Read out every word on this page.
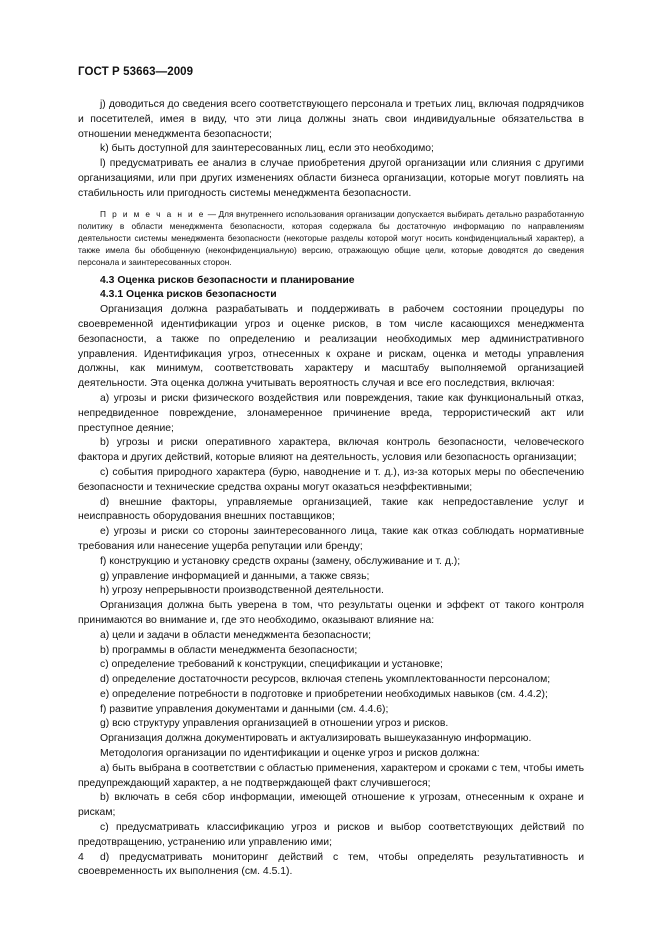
ГОСТ Р 53663—2009

j) доводиться до сведения всего соответствующего персонала и третьих лиц, включая подрядчиков и посетителей, имея в виду, что эти лица должны знать свои индивидуальные обязательства в отношении менеджмента безопасности;

k) быть доступной для заинтересованных лиц, если это необходимо;

l) предусматривать ее анализ в случае приобретения другой организации или слияния с другими организациями, или при других изменениях области бизнеса организации, которые могут повлиять на стабильность или пригодность системы менеджмента безопасности.

П р и м е ч а н и е — Для внутреннего использования организации допускается выбирать детально разработанную политику в области менеджмента безопасности, которая содержала бы достаточную информацию по направлениям деятельности системы менеджмента безопасности (некоторые разделы которой могут носить конфиденциальный характер), а также имела бы обобщенную (неконфиденциальную) версию, отражающую общие цели, которые доводятся до сведения персонала и заинтересованных сторон.

4.3 Оценка рисков безопасности и планирование

4.3.1 Оценка рисков безопасности

Организация должна разрабатывать и поддерживать в рабочем состоянии процедуры по своевременной идентификации угроз и оценке рисков, в том числе касающихся менеджмента безопасности, а также по определению и реализации необходимых мер административного управления. Идентификация угроз, отнесенных к охране и рискам, оценка и методы управления должны, как минимум, соответствовать характеру и масштабу выполняемой организацией деятельности. Эта оценка должна учитывать вероятность случая и все его последствия, включая:

a) угрозы и риски физического воздействия или повреждения, такие как функциональный отказ, непредвиденное повреждение, злонамеренное причинение вреда, террористический акт или преступное деяние;

b) угрозы и риски оперативного характера, включая контроль безопасности, человеческого фактора и других действий, которые влияют на деятельность, условия или безопасность организации;

c) события природного характера (бурю, наводнение и т. д.), из-за которых меры по обеспечению безопасности и технические средства охраны могут оказаться неэффективными;

d) внешние факторы, управляемые организацией, такие как непредоставление услуг и неисправность оборудования внешних поставщиков;

e) угрозы и риски со стороны заинтересованного лица, такие как отказ соблюдать нормативные требования или нанесение ущерба репутации или бренду;

f) конструкцию и установку средств охраны (замену, обслуживание и т. д.);

g) управление информацией и данными, а также связь;

h) угрозу непрерывности производственной деятельности.

Организация должна быть уверена в том, что результаты оценки и эффект от такого контроля принимаются во внимание и, где это необходимо, оказывают влияние на:

a) цели и задачи в области менеджмента безопасности;

b) программы в области менеджмента безопасности;

c) определение требований к конструкции, спецификации и установке;

d) определение достаточности ресурсов, включая степень укомплектованности персоналом;

e) определение потребности в подготовке и приобретении необходимых навыков (см. 4.4.2);

f) развитие управления документами и данными (см. 4.4.6);

g) всю структуру управления организацией в отношении угроз и рисков.

Организация должна документировать и актуализировать вышеуказанную информацию.

Методология организации по идентификации и оценке угроз и рисков должна:

a) быть выбрана в соответствии с областью применения, характером и сроками с тем, чтобы иметь предупреждающий характер, а не подтверждающей факт случившегося;

b) включать в себя сбор информации, имеющей отношение к угрозам, отнесенным к охране и рискам;

c) предусматривать классификацию угроз и рисков и выбор соответствующих действий по предотвращению, устранению или управлению ими;

d) предусматривать мониторинг действий с тем, чтобы определять результативность и своевременность их выполнения (см. 4.5.1).

4
